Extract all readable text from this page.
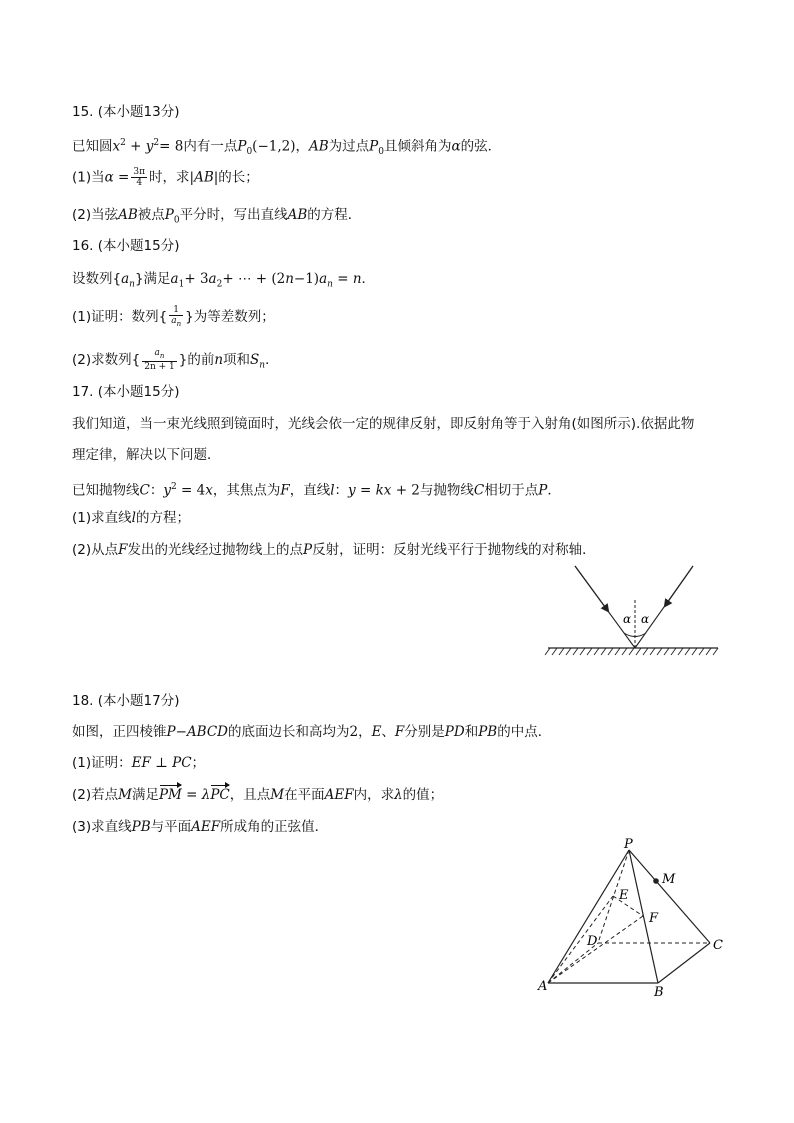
15. (本小题13分)
已知圆$x^2 + y^2= 8$内有一点$P_0(-1,2)$，AB为过点$P_0$且倾斜角为α的弦．
(1)当$\alpha = \frac{3\pi}{4}$ 时，求|AB|的长；
(2)当弦AB被点$P_0$平分时，写出直线AB的方程．
16. (本小题15分)
设数列$\{a_n\}$满足$a_1+ 3a_2+$ ⋯ + $(2n-1)a_n = n$．
(1)证明：数列{ $\frac{1}{a_n}$ }为等差数列；
(2)求数列{ $\frac{a_n}{2n + 1}$ }的前n项和$S_n$．
17. (本小题15分)
我们知道，当一束光线照到镜面时，光线会依一定的规律反射，即反射角等于入射角(如图所示).依据此物
理定律，解决以下问题．
已知抛物线C：$y^2 = 4x$，其焦点为F，直线l：y = kx + 2与抛物线C相切于点P．
(1)求直线l的方程；
(2)从点F发出的光线经过抛物线上的点P反射，证明：反射光线平行于抛物线的对称轴．
α α
18. (本小题17分)
如图，正四棱锥P−ABCD的底面边长和高均为2，E、F分别是PD和PB的中点．
(1)证明：EF ⊥ PC；
(2)若点M满足PM = λPC，且点M在平面AEF内，求λ的值；
(3)求直线PB与平面AEF所成角的正弦值．
P
M
E
F
D	C
A	B
